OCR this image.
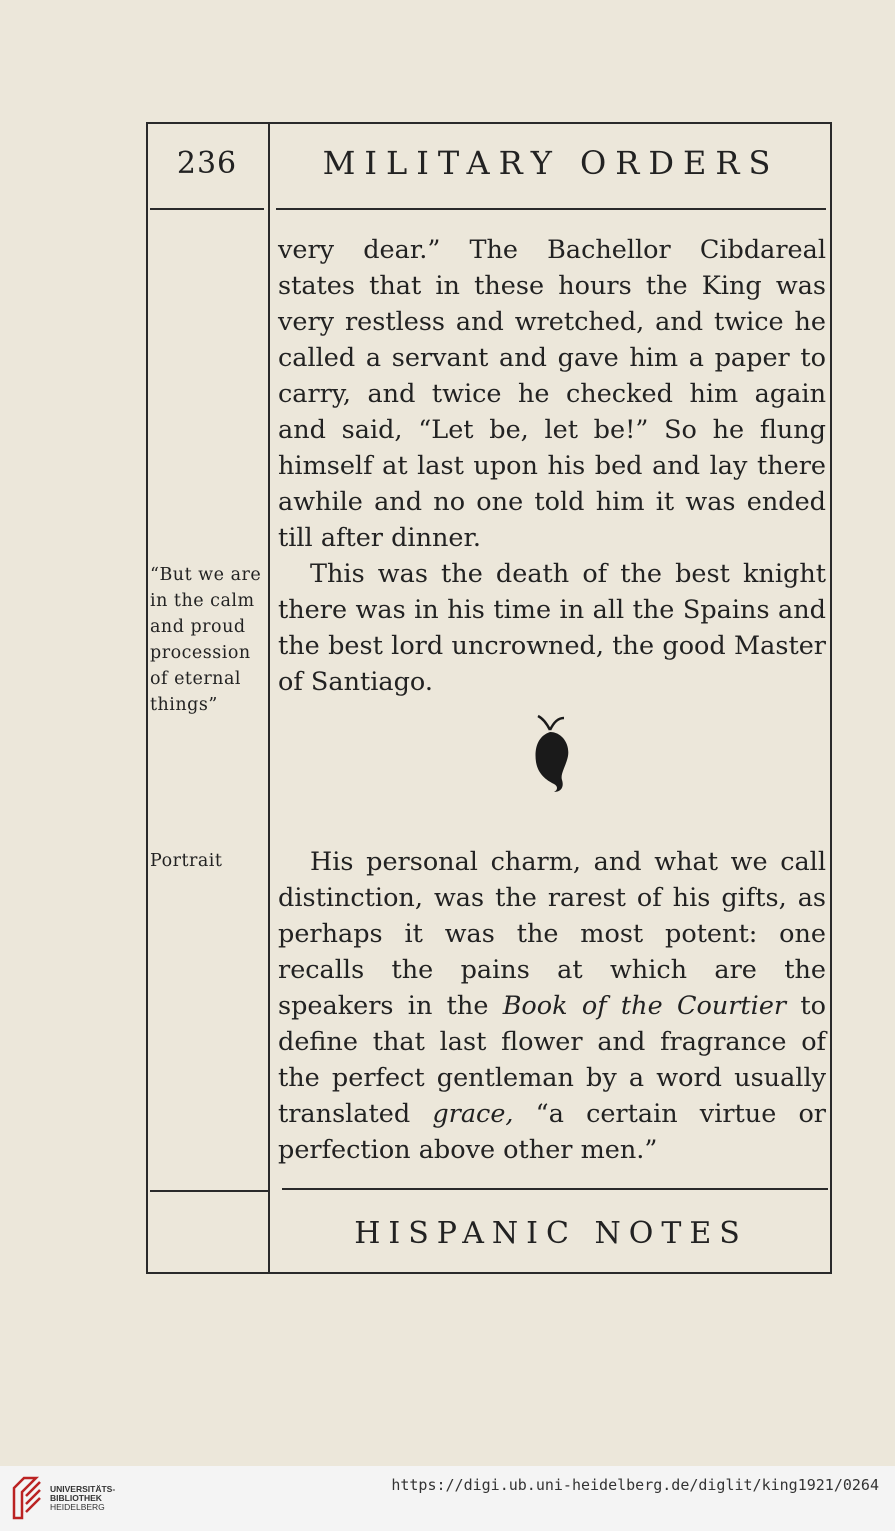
236	MILITARY ORDERS

very dear.” The Bachellor Cibdareal states that in these hours the King was very restless and wretched, and twice he called a servant and gave him a paper to carry, and twice he checked him again and said, “Let be, let be!” So he flung himself at last upon his bed and lay there awhile and no one told him it was ended till after dinner.

This was the death of the best knight there was in his time in all the Spains and the best lord uncrowned, the good Master of Santiago.

His personal charm, and what we call distinction, was the rarest of his gifts, as perhaps it was the most potent: one recalls the pains at which are the speakers in the Book of the Courtier to define that last flower and fragrance of the perfect gentleman by a word usually translated grace, “a certain virtue or perfection above other men.”

“But we are in the calm and proud procession of eternal things”
Portrait
HISPANIC NOTES
UNIVERSITÄTS-
BIBLIOTHEK
HEIDELBERG
https://digi.ub.uni-heidelberg.de/diglit/king1921/0264
